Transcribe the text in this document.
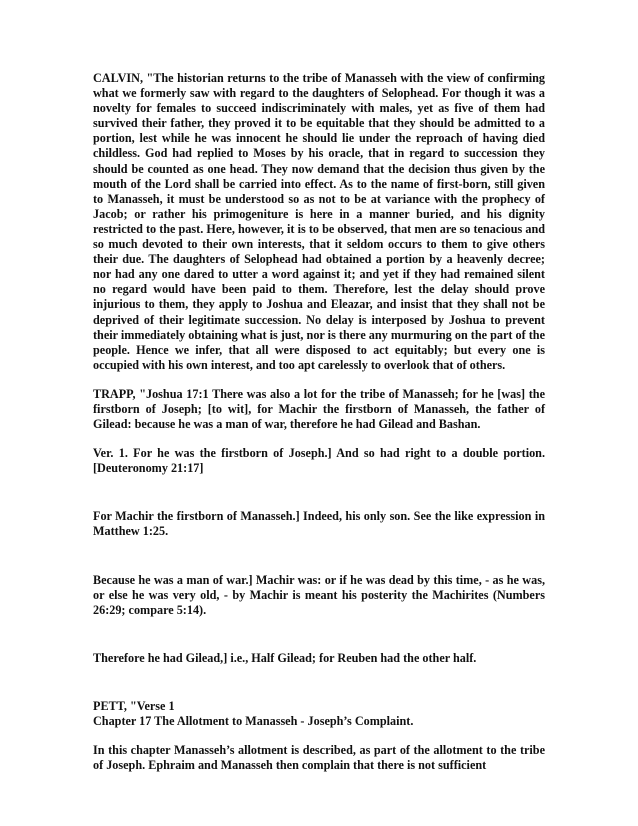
CALVIN, "The historian returns to the tribe of Manasseh with the view of confirming what we formerly saw with regard to the daughters of Selophead. For though it was a novelty for females to succeed indiscriminately with males, yet as five of them had survived their father, they proved it to be equitable that they should be admitted to a portion, lest while he was innocent he should lie under the reproach of having died childless. God had replied to Moses by his oracle, that in regard to succession they should be counted as one head. They now demand that the decision thus given by the mouth of the Lord shall be carried into effect. As to the name of first-born, still given to Manasseh, it must be understood so as not to be at variance with the prophecy of Jacob; or rather his primogeniture is here in a manner buried, and his dignity restricted to the past. Here, however, it is to be observed, that men are so tenacious and so much devoted to their own interests, that it seldom occurs to them to give others their due. The daughters of Selophead had obtained a portion by a heavenly decree; nor had any one dared to utter a word against it; and yet if they had remained silent no regard would have been paid to them. Therefore, lest the delay should prove injurious to them, they apply to Joshua and Eleazar, and insist that they shall not be deprived of their legitimate succession. No delay is interposed by Joshua to prevent their immediately obtaining what is just, nor is there any murmuring on the part of the people. Hence we infer, that all were disposed to act equitably; but every one is occupied with his own interest, and too apt carelessly to overlook that of others.

TRAPP, "Joshua 17:1 There was also a lot for the tribe of Manasseh; for he [was] the firstborn of Joseph; [to wit], for Machir the firstborn of Manasseh, the father of Gilead: because he was a man of war, therefore he had Gilead and Bashan.

Ver. 1. For he was the firstborn of Joseph.] And so had right to a double portion. [Deuteronomy 21:17]

For Machir the firstborn of Manasseh.] Indeed, his only son. See the like expression in Matthew 1:25.

Because he was a man of war.] Machir was: or if he was dead by this time, - as he was, or else he was very old, - by Machir is meant his posterity the Machirites (Numbers 26:29; compare 5:14).

Therefore he had Gilead,] i.e., Half Gilead; for Reuben had the other half.

PETT, "Verse 1

Chapter 17 The Allotment to Manasseh - Joseph’s Complaint.

In this chapter Manasseh’s allotment is described, as part of the allotment to the tribe of Joseph. Ephraim and Manasseh then complain that there is not sufficient
